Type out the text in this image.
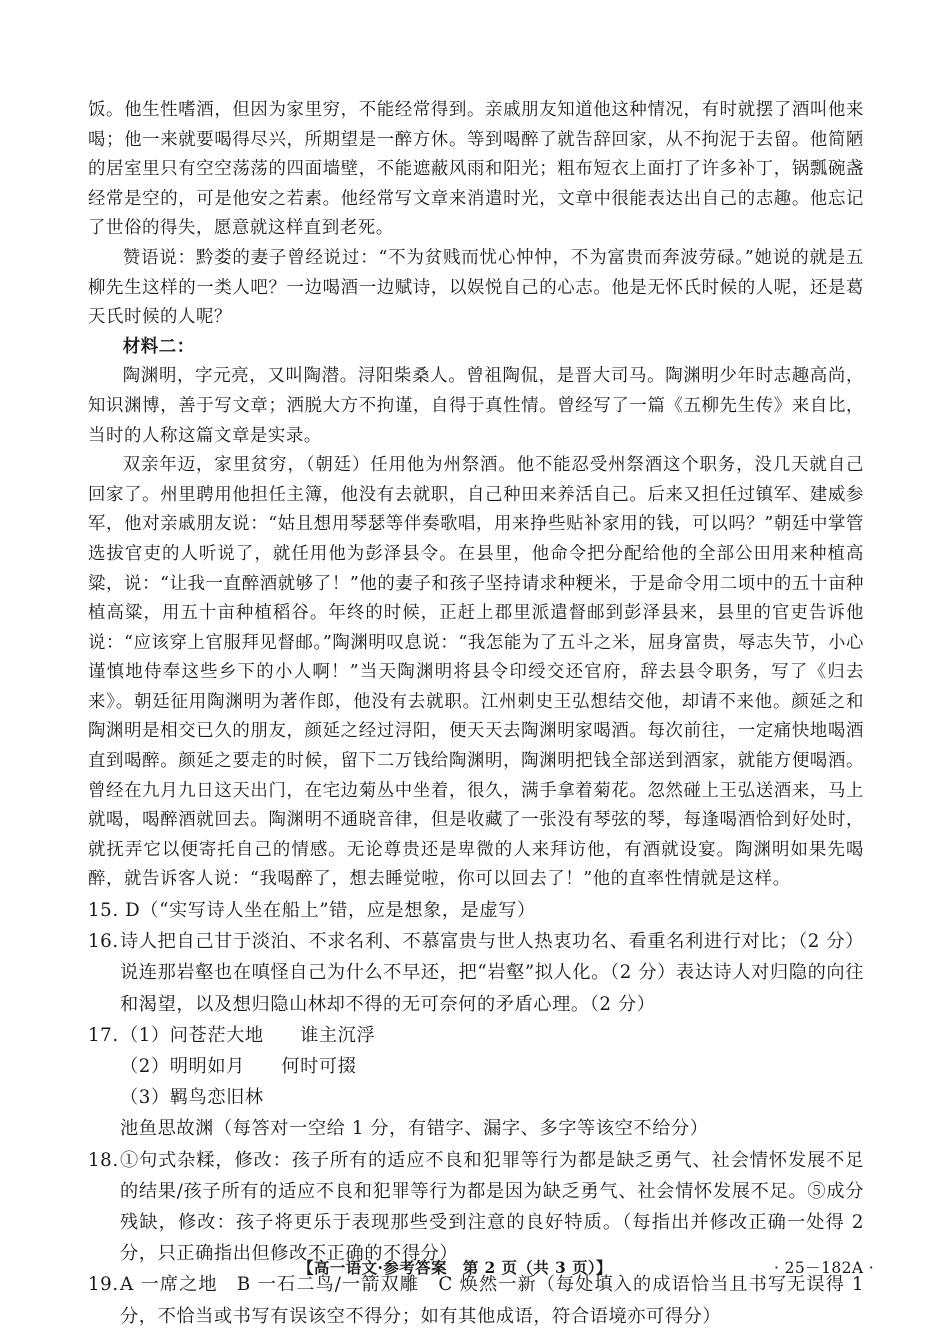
饭。他生性嗜酒，但因为家里穷，不能经常得到。亲戚朋友知道他这种情况，有时就摆了酒叫他来喝；他一来就要喝得尽兴，所期望是一醉方休。等到喝醉了就告辞回家，从不拘泥于去留。他简陋的居室里只有空空荡荡的四面墙壁，不能遮蔽风雨和阳光；粗布短衣上面打了许多补丁，锅瓢碗盏经常是空的，可是他安之若素。他经常写文章来消遣时光，文章中很能表达出自己的志趣。他忘记了世俗的得失，愿意就这样直到老死。

赞语说：黔娄的妻子曾经说过：“不为贫贱而忧心忡忡，不为富贵而奔波劳碌。”她说的就是五柳先生这样的一类人吧？一边喝酒一边赋诗，以娱悦自己的心志。他是无怀氏时候的人呢，还是葛天氏时候的人呢？

材料二：

陶渊明，字元亮，又叫陶潜。浔阳柴桑人。曾祖陶侃，是晋大司马。陶渊明少年时志趣高尚，知识渊博，善于写文章；洒脱大方不拘谨，自得于真性情。曾经写了一篇《五柳先生传》来自比，当时的人称这篇文章是实录。

双亲年迈，家里贫穷，（朝廷）任用他为州祭酒。他不能忍受州祭酒这个职务，没几天就自己回家了。州里聘用他担任主簿，他没有去就职，自己种田来养活自己。后来又担任过镇军、建威参军，他对亲戚朋友说：“姑且想用琴瑟等伴奏歌唱，用来挣些贴补家用的钱，可以吗？”朝廷中掌管选拔官吏的人听说了，就任用他为彭泽县令。在县里，他命令把分配给他的全部公田用来种植高粱，说：“让我一直醉酒就够了！”他的妻子和孩子坚持请求种粳米，于是命令用二顷中的五十亩种植高粱，用五十亩种植稻谷。年终的时候，正赶上郡里派遣督邮到彭泽县来，县里的官吏告诉他说：“应该穿上官服拜见督邮。”陶渊明叹息说：“我怎能为了五斗之米，屈身富贵，辱志失节，小心谨慎地侍奉这些乡下的小人啊！”当天陶渊明将县令印绶交还官府，辞去县令职务，写了《归去来》。朝廷征用陶渊明为著作郎，他没有去就职。江州刺史王弘想结交他，却请不来他。颜延之和陶渊明是相交已久的朋友，颜延之经过浔阳，便天天去陶渊明家喝酒。每次前往，一定痛快地喝酒直到喝醉。颜延之要走的时候，留下二万钱给陶渊明，陶渊明把钱全部送到酒家，就能方便喝酒。曾经在九月九日这天出门，在宅边菊丛中坐着，很久，满手拿着菊花。忽然碰上王弘送酒来，马上就喝，喝醉酒就回去。陶渊明不通晓音律，但是收藏了一张没有琴弦的琴，每逢喝酒恰到好处时，就抚弄它以便寄托自己的情感。无论尊贵还是卑微的人来拜访他，有酒就设宴。陶渊明如果先喝醉，就告诉客人说：“我喝醉了，想去睡觉啦，你可以回去了！”他的直率性情就是这样。

15. D（“实写诗人坐在船上”错，应是想象，是虚写）

16. 诗人把自己甘于淡泊、不求名利、不慕富贵与世人热衷功名、看重名利进行对比；（2 分）说连那岩壑也在嗔怪自己为什么不早还，把“岩壑”拟人化。（2 分）表达诗人对归隐的向往和渴望，以及想归隐山林却不得的无可奈何的矛盾心理。（2 分）
17. （1）问苍茫大地 谁主沉浮

（2）明明如月 何时可掇

（3）羁鸟恋旧林池鱼思故渊（每答对一空给 1 分，有错字、漏字、多字等该空不给分）

18. ①句式杂糅，修改：孩子所有的适应不良和犯罪等行为都是缺乏勇气、社会情怀发展不足的结果/孩子所有的适应不良和犯罪等行为都是因为缺乏勇气、社会情怀发展不足。⑤成分残缺，修改：孩子将更乐于表现那些受到注意的良好特质。（每指出并修改正确一处得 2 分，只正确指出但修改不正确的不得分）
19. A 一席之地　B 一石二鸟/一箭双雕　C 焕然一新（每处填入的成语恰当且书写无误得 1 分，不恰当或书写有误该空不得分；如有其他成语，符合语境亦可得分）
【高一语文·参考答案　第 2 页（共 3 页）】	· 25－182A ·
